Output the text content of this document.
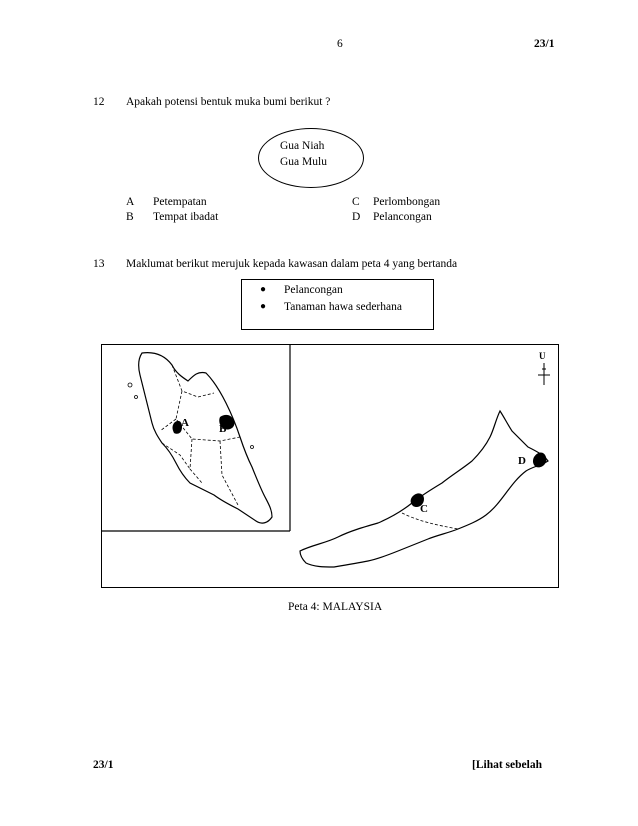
6	23/1
12 Apakah potensi bentuk muka bumi berikut ?
Gua Niah
Gua Mulu
A Petempatan
B Tempat ibadat
C Perlombongan
D Pelancongan
13 Maklumat berikut merujuk kepada kawasan dalam peta 4 yang bertanda
● Pelancongan
● Tanaman hawa sederhana
U
A	B
C
D
Peta 4: MALAYSIA
23/1	[Lihat sebelah
